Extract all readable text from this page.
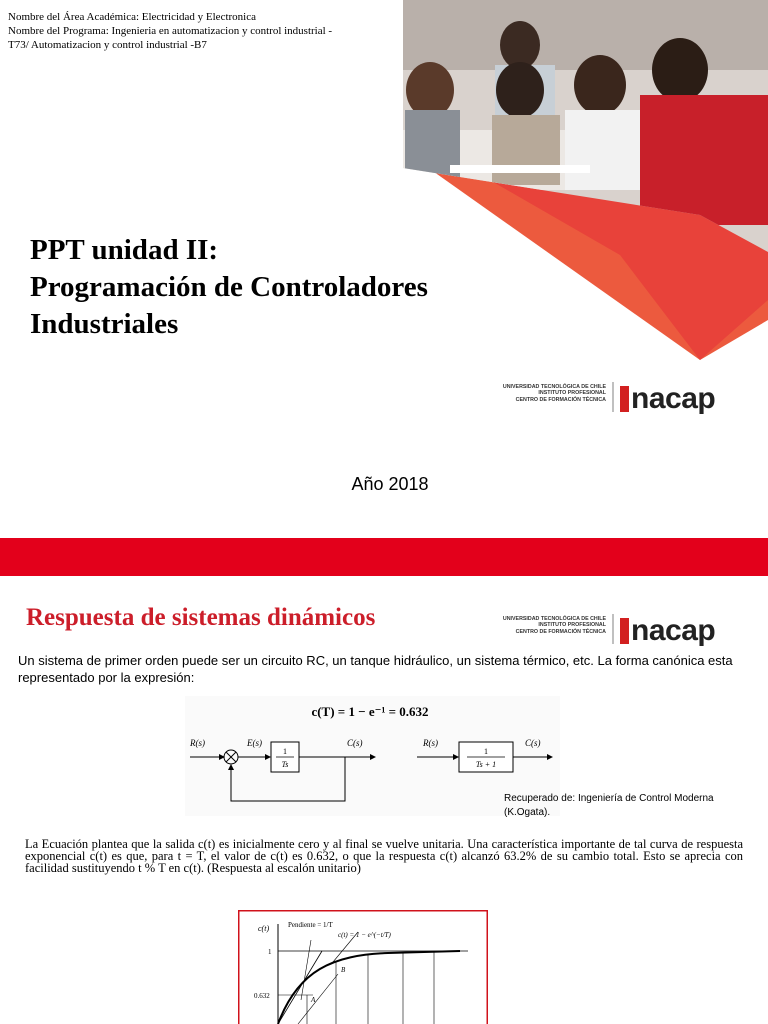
Nombre del Área Académica: Electricidad y Electronica
Nombre del Programa: Ingenieria en automatizacion y control industrial -
T73/ Automatizacion y control industrial -B7
PPT unidad II:
Programación de Controladores
Industriales
UNIVERSIDAD TECNOLÓGICA DE CHILE
INSTITUTO PROFESIONAL
CENTRO DE FORMACIÓN TÉCNICA nacap
Año 2018
Respuesta de sistemas dinámicos	UNIVERSIDAD TECNOLÓGICA DE CHILE
INSTITUTO PROFESIONAL
CENTRO DE FORMACIÓN TÉCNICA nacap
Un sistema de primer orden puede ser un circuito RC, un tanque hidráulico, un sistema térmico, etc. La forma canónica esta representado por la expresión:
c(T) = 1 − e⁻¹ = 0.632
R(s)	E(s)
1
Ts
C(s)	R(s)
1
Ts + 1
C(s)
Recuperado de: Ingeniería de Control Moderna
(K.Ogata).
La Ecuación plantea que la salida c(t) es inicialmente cero y al final se vuelve unitaria. Una característica importante de tal curva de respuesta exponencial c(t) es que, para t = T, el valor de c(t) es 0.632, o que la respuesta c(t) alcanzó 63.2% de su cambio total. Esto se aprecia con facilidad sustituyendo t % T en c(t). (Respuesta al escalón unitario)
c(t)	Pendiente = 1/T
c(t) = 1 − e^(−t/T)
1
0.632	A
B
